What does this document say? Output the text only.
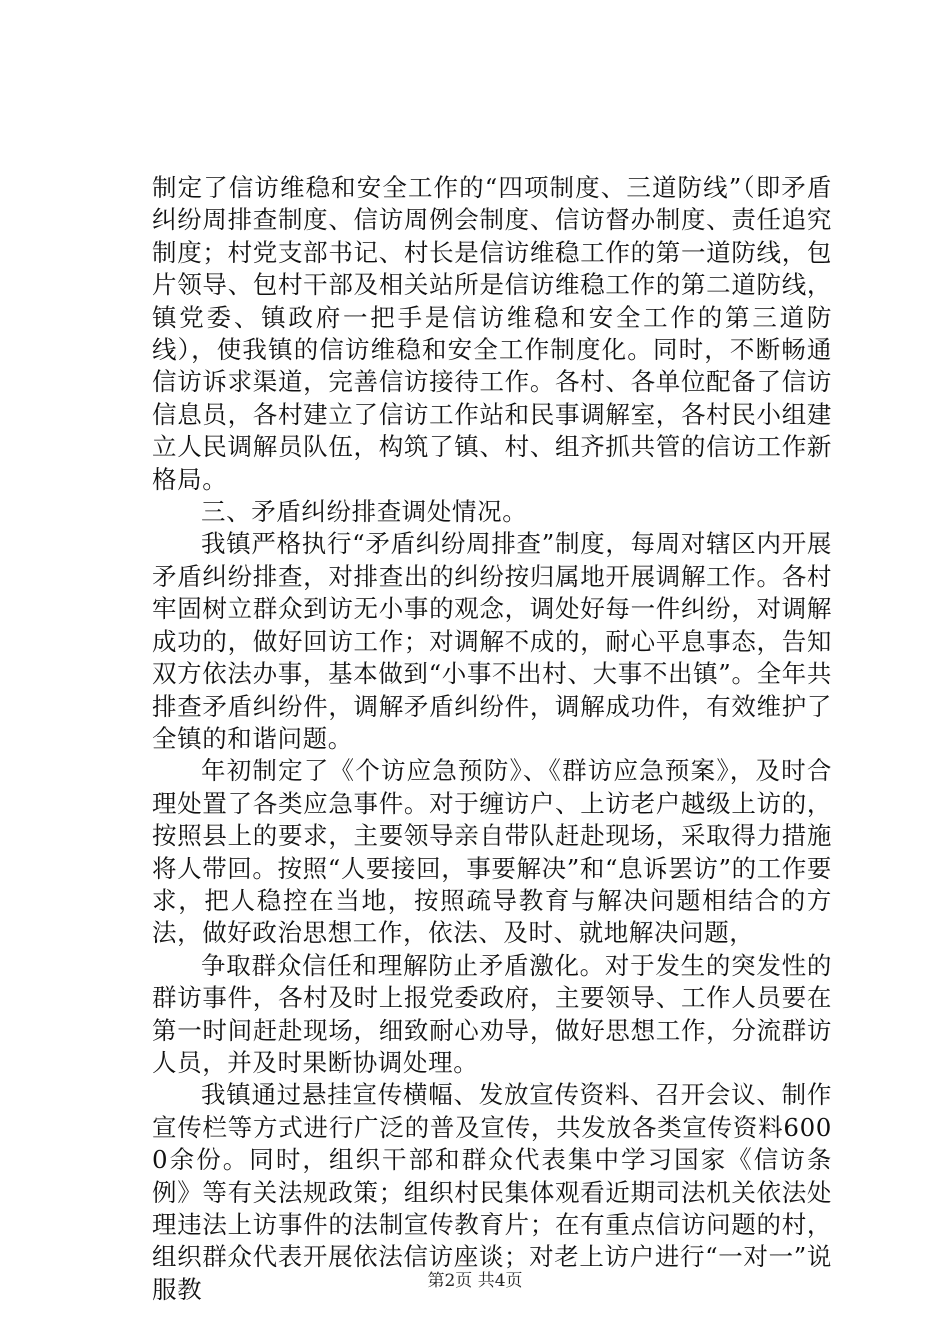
制定了信访维稳和安全工作的“四项制度、三道防线”（即矛盾纠纷周排查制度、信访周例会制度、信访督办制度、责任追究制度；村党支部书记、村长是信访维稳工作的第一道防线，包片领导、包村干部及相关站所是信访维稳工作的第二道防线，镇党委、镇政府一把手是信访维稳和安全工作的第三道防线），使我镇的信访维稳和安全工作制度化。同时，不断畅通信访诉求渠道，完善信访接待工作。各村、各单位配备了信访信息员，各村建立了信访工作站和民事调解室，各村民小组建立人民调解员队伍，构筑了镇、村、组齐抓共管的信访工作新格局。

三、矛盾纠纷排查调处情况。

我镇严格执行“矛盾纠纷周排查”制度，每周对辖区内开展矛盾纠纷排查，对排查出的纠纷按归属地开展调解工作。各村牢固树立群众到访无小事的观念，调处好每一件纠纷，对调解成功的，做好回访工作；对调解不成的，耐心平息事态，告知双方依法办事，基本做到“小事不出村、大事不出镇”。全年共排查矛盾纠纷件，调解矛盾纠纷件，调解成功件，有效维护了全镇的和谐问题。

年初制定了《个访应急预防》、《群访应急预案》，及时合理处置了各类应急事件。对于缠访户、上访老户越级上访的，按照县上的要求，主要领导亲自带队赶赴现场，采取得力措施将人带回。按照“人要接回，事要解决”和“息诉罢访”的工作要求，把人稳控在当地，按照疏导教育与解决问题相结合的方法，做好政治思想工作，依法、及时、就地解决问题，

争取群众信任和理解防止矛盾激化。对于发生的突发性的群访事件，各村及时上报党委政府，主要领导、工作人员要在第一时间赶赴现场，细致耐心劝导，做好思想工作，分流群访人员，并及时果断协调处理。

我镇通过悬挂宣传横幅、发放宣传资料、召开会议、制作宣传栏等方式进行广泛的普及宣传，共发放各类宣传资料6000余份。同时，组织干部和群众代表集中学习国家《信访条例》等有关法规政策；组织村民集体观看近期司法机关依法处理违法上访事件的法制宣传教育片；在有重点信访问题的村，组织群众代表开展依法信访座谈；对老上访户进行“一对一”说服教	第2页 共4页
